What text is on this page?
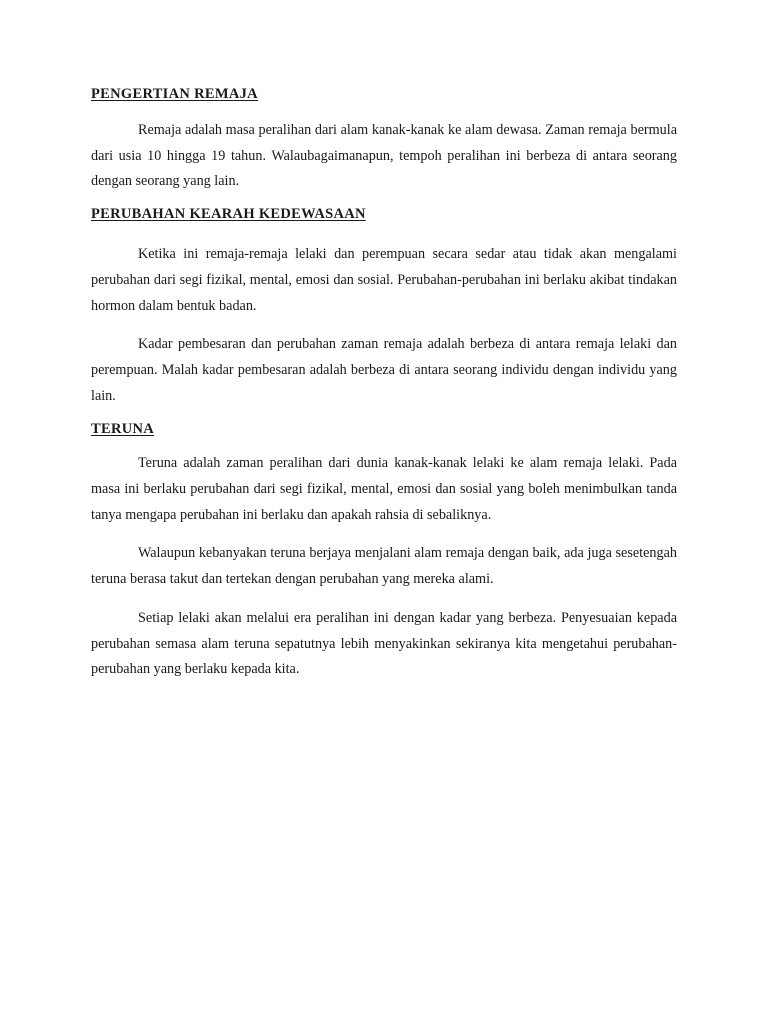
PENGERTIAN REMAJA

Remaja adalah masa peralihan dari alam kanak-kanak ke alam dewasa. Zaman remaja bermula dari usia 10 hingga 19 tahun. Walaubagaimanapun, tempoh peralihan ini berbeza di antara seorang dengan seorang yang lain.

PERUBAHAN KEARAH KEDEWASAAN

Ketika ini remaja-remaja lelaki dan perempuan secara sedar atau tidak akan mengalami perubahan dari segi fizikal, mental, emosi dan sosial. Perubahan-perubahan ini berlaku akibat tindakan hormon dalam bentuk badan.

Kadar pembesaran dan perubahan zaman remaja adalah berbeza di antara remaja lelaki dan perempuan. Malah kadar pembesaran adalah berbeza di antara seorang individu dengan individu yang lain.

TERUNA

Teruna adalah zaman peralihan dari dunia kanak-kanak lelaki ke alam remaja lelaki. Pada masa ini berlaku perubahan dari segi fizikal, mental, emosi dan sosial yang boleh menimbulkan tanda tanya mengapa perubahan ini berlaku dan apakah rahsia di sebaliknya.

Walaupun kebanyakan teruna berjaya menjalani alam remaja dengan baik, ada juga sesetengah teruna berasa takut dan tertekan dengan perubahan yang mereka alami.

Setiap lelaki akan melalui era peralihan ini dengan kadar yang berbeza. Penyesuaian kepada perubahan semasa alam teruna sepatutnya lebih menyakinkan sekiranya kita mengetahui perubahan-perubahan yang berlaku kepada kita.
